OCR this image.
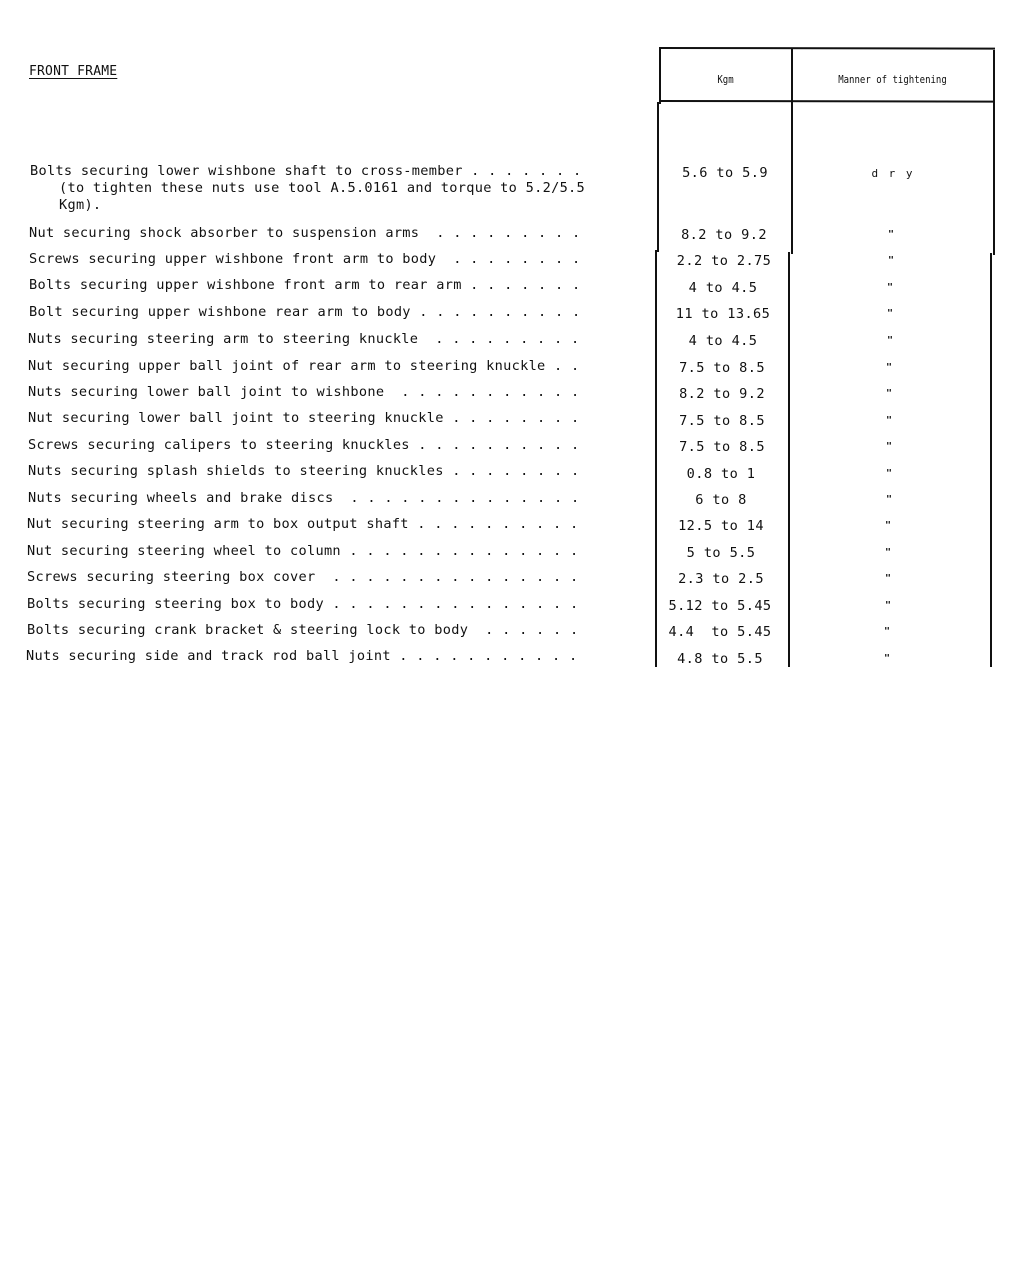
FRONT FRAME
Kgm	Manner of tightening
Bolts securing lower wishbone shaft to cross-member . . . . . . .
(to tighten these nuts use tool A.5.0161 and torque to 5.2/5.5
Kgm).
5.6 to 5.9	d r y
Nut securing shock absorber to suspension arms  . . . . . . . . .	8.2 to 9.2	"
Screws securing upper wishbone front arm to body  . . . . . . . .	2.2 to 2.75	"
Bolts securing upper wishbone front arm to rear arm . . . . . . .	4 to 4.5	"
Bolt securing upper wishbone rear arm to body . . . . . . . . . .	11 to 13.65	"
Nuts securing steering arm to steering knuckle  . . . . . . . . .	4 to 4.5	"
Nut securing upper ball joint of rear arm to steering knuckle . .	7.5 to 8.5	"
Nuts securing lower ball joint to wishbone  . . . . . . . . . . .	8.2 to 9.2	"
Nut securing lower ball joint to steering knuckle . . . . . . . .	7.5 to 8.5	"
Screws securing calipers to steering knuckles . . . . . . . . . .	7.5 to 8.5	"
Nuts securing splash shields to steering knuckles . . . . . . . .	0.8 to 1	"
Nuts securing wheels and brake discs  . . . . . . . . . . . . . .	6 to 8	"
Nut securing steering arm to box output shaft . . . . . . . . . .	12.5 to 14	"
Nut securing steering wheel to column . . . . . . . . . . . . . .	5 to 5.5	"
Screws securing steering box cover  . . . . . . . . . . . . . . .	2.3 to 2.5	"
Bolts securing steering box to body . . . . . . . . . . . . . . .	5.12 to 5.45	"
Bolts securing crank bracket & steering lock to body  . . . . . .	4.4  to 5.45	"
Nuts securing side and track rod ball joint . . . . . . . . . . .	4.8 to 5.5	"
